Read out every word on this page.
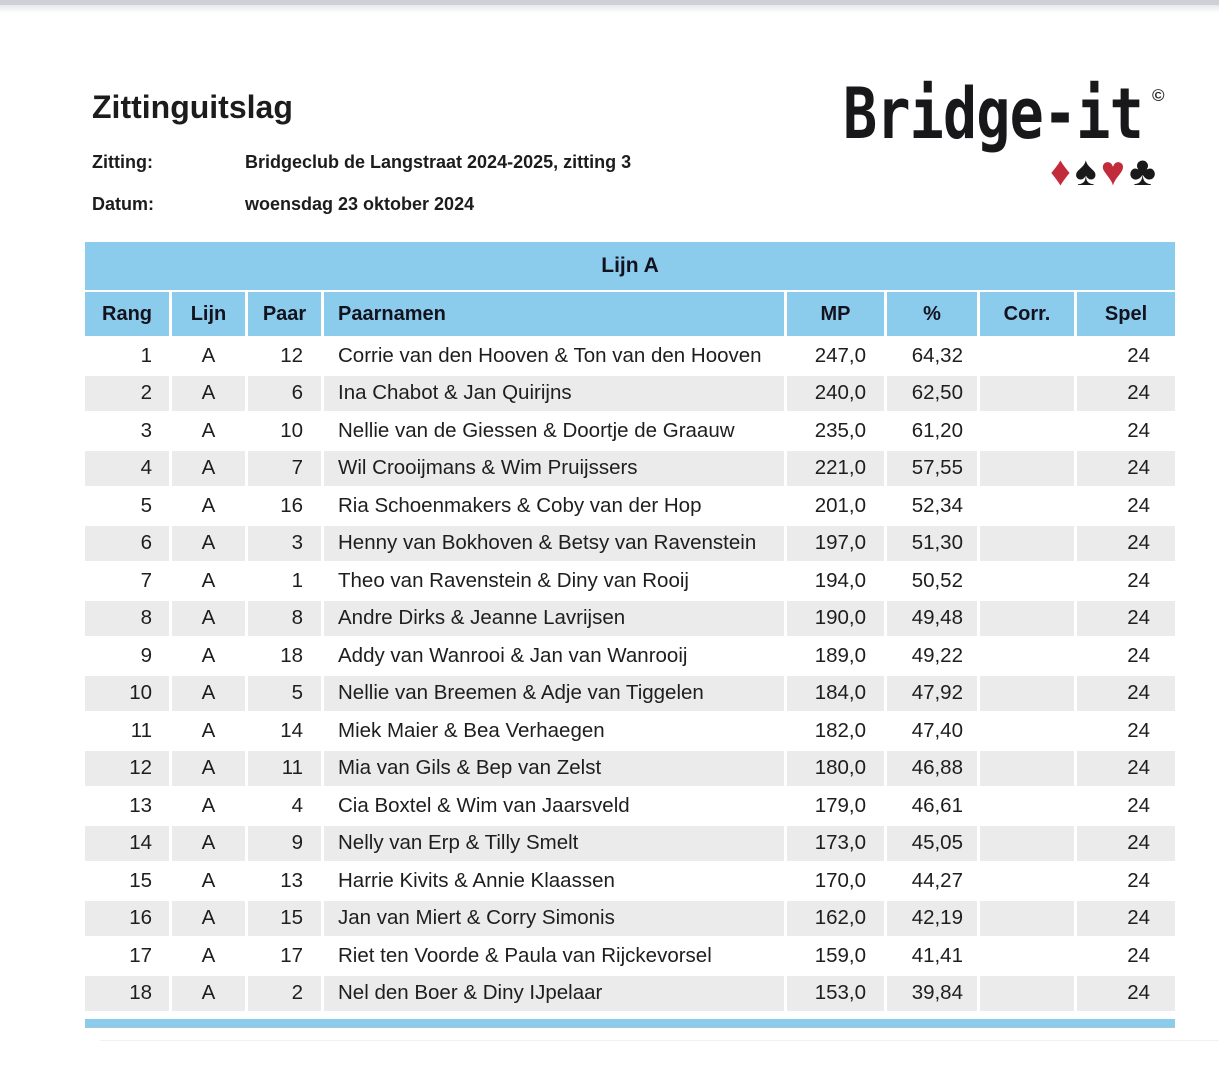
Zittinguitslag
Zitting:	Bridgeclub de Langstraat 2024-2025, zitting 3
Datum:	woensdag 23 oktober 2024
Bridge-it ©
♦♠♥♣
Lijn A							
Rang	Lijn	Paar	Paarnamen	MP	%	Corr.	Spel
1	A	12	Corrie van den Hooven & Ton van den Hooven	247,0	64,32		24
2	A	6	Ina Chabot & Jan Quirijns	240,0	62,50		24
3	A	10	Nellie van de Giessen & Doortje de Graauw	235,0	61,20		24
4	A	7	Wil Crooijmans & Wim Pruijssers	221,0	57,55		24
5	A	16	Ria Schoenmakers & Coby van der Hop	201,0	52,34		24
6	A	3	Henny van Bokhoven & Betsy van Ravenstein	197,0	51,30		24
7	A	1	Theo van Ravenstein & Diny van Rooij	194,0	50,52		24
8	A	8	Andre Dirks & Jeanne Lavrijsen	190,0	49,48		24
9	A	18	Addy van Wanrooi & Jan van Wanrooij	189,0	49,22		24
10	A	5	Nellie van Breemen & Adje van Tiggelen	184,0	47,92		24
11	A	14	Miek Maier & Bea Verhaegen	182,0	47,40		24
12	A	11	Mia van Gils & Bep van Zelst	180,0	46,88		24
13	A	4	Cia Boxtel & Wim van Jaarsveld	179,0	46,61		24
14	A	9	Nelly van Erp & Tilly Smelt	173,0	45,05		24
15	A	13	Harrie Kivits & Annie Klaassen	170,0	44,27		24
16	A	15	Jan van Miert & Corry Simonis	162,0	42,19		24
17	A	17	Riet ten Voorde & Paula van Rijckevorsel	159,0	41,41		24
18	A	2	Nel den Boer & Diny IJpelaar	153,0	39,84		24
